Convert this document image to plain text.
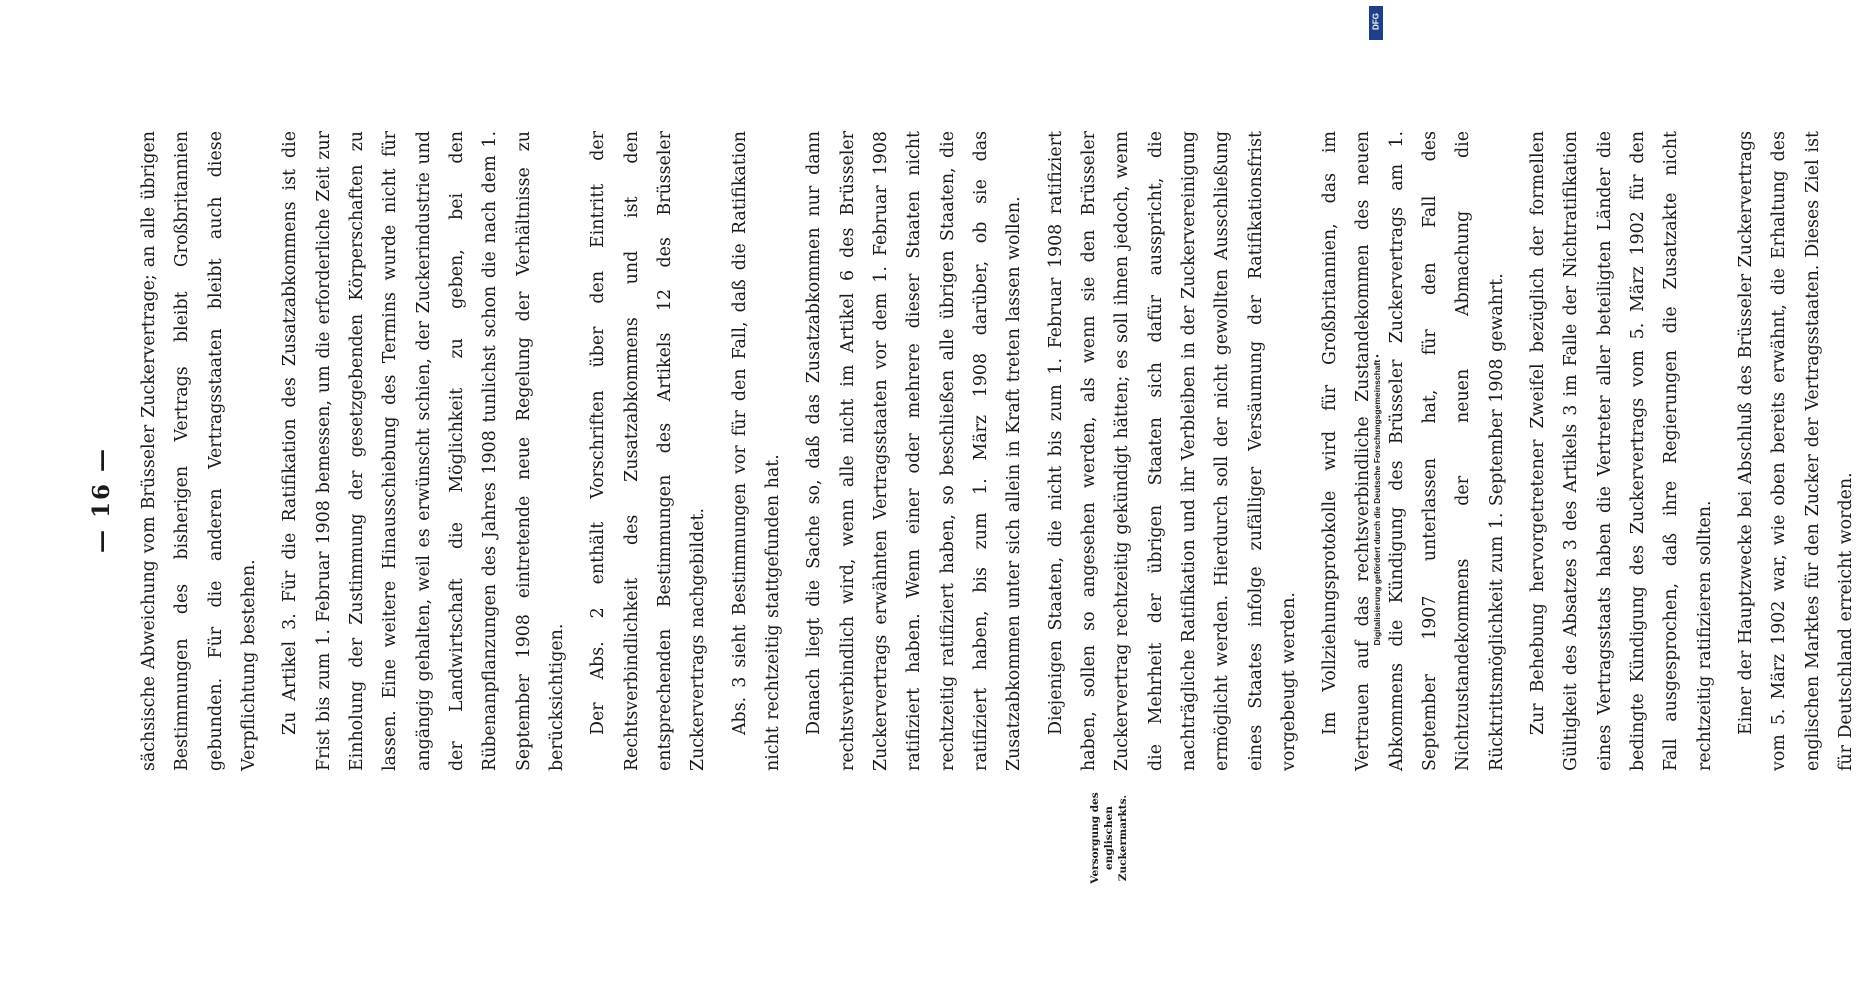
— 16 —	sächsische Abweichung vom Brüsseler Zuckervertrage; an alle übrigen Bestimmungen des bisherigen Vertrags bleibt Großbritannien gebunden. Für die anderen Vertragsstaaten bleibt auch diese Verpflichtung bestehen.	Zu Artikel 3. Für die Ratifikation des Zusatzabkommens ist die Frist bis zum 1. Februar 1908 bemessen, um die erforderliche Zeit zur Einholung der Zustimmung der gesetzgebenden Körperschaften zu lassen. Eine weitere Hinausschiebung des Termins wurde nicht für angängig gehalten, weil es erwünscht schien, der Zuckerindustrie und der Landwirtschaft die Möglichkeit zu geben, bei den Rübenanpflanzungen des Jahres 1908 tunlichst schon die nach dem 1. September 1908 eintretende neue Regelung der Verhältnisse zu berücksichtigen.	Der Abs. 2 enthält Vorschriften über den Eintritt der Rechtsverbindlichkeit des Zusatzabkommens und ist den entsprechenden Bestimmungen des Artikels 12 des Brüsseler Zuckervertrags nachgebildet.	Abs. 3 sieht Bestimmungen vor für den Fall, daß die Ratifikation nicht rechtzeitig stattgefunden hat.	Danach liegt die Sache so, daß das Zusatzabkommen nur dann rechtsverbindlich wird, wenn alle nicht im Artikel 6 des Brüsseler Zuckervertrags erwähnten Vertragsstaaten vor dem 1. Februar 1908 ratifiziert haben. Wenn einer oder mehrere dieser Staaten nicht rechtzeitig ratifiziert haben, so beschließen alle übrigen Staaten, die ratifiziert haben, bis zum 1. März 1908 darüber, ob sie das Zusatzabkommen unter sich allein in Kraft treten lassen wollen.	Diejenigen Staaten, die nicht bis zum 1. Februar 1908 ratifiziert haben, sollen so angesehen werden, als wenn sie den Brüsseler Zuckervertrag rechtzeitig gekündigt hätten; es soll ihnen jedoch, wenn die Mehrheit der übrigen Staaten sich dafür ausspricht, die nachträgliche Ratifikation und ihr Verbleiben in der Zuckervereinigung ermöglicht werden. Hierdurch soll der nicht gewollten Ausschließung eines Staates infolge zufälliger Versäumung der Ratifikationsfrist vorgebeugt werden.	Im Vollziehungsprotokolle wird für Großbritannien, das im Vertrauen auf das rechtsverbindliche Zustandekommen des neuen Abkommens die Kündigung des Brüsseler Zuckervertrags am 1. September 1907 unterlassen hat, für den Fall des Nichtzustandekommens der neuen Abmachung die Rücktrittsmöglichkeit zum 1. September 1908 gewahrt.	Zur Behebung hervorgetretener Zweifel bezüglich der formellen Gültigkeit des Absatzes 3 des Artikels 3 im Falle der Nichtratifikation eines Vertragsstaats haben die Vertreter aller beteiligten Länder die bedingte Kündigung des Zuckervertrags vom 5. März 1902 für den Fall ausgesprochen, daß ihre Regierungen die Zusatzakte nicht rechtzeitig ratifizieren sollten.	Einer der Hauptzwecke bei Abschluß des Brüsseler Zuckervertrags vom 5. März 1902 war, wie oben bereits erwähnt, die Erhaltung des englischen Marktes für den Zucker der Vertragsstaaten. Dieses Ziel ist für Deutschland erreicht worden.

Versorgung des englischen Zuckermarkts.
Digitalisierung gefördert durch die Deutsche Forschungsgemeinschaft •
DFG
